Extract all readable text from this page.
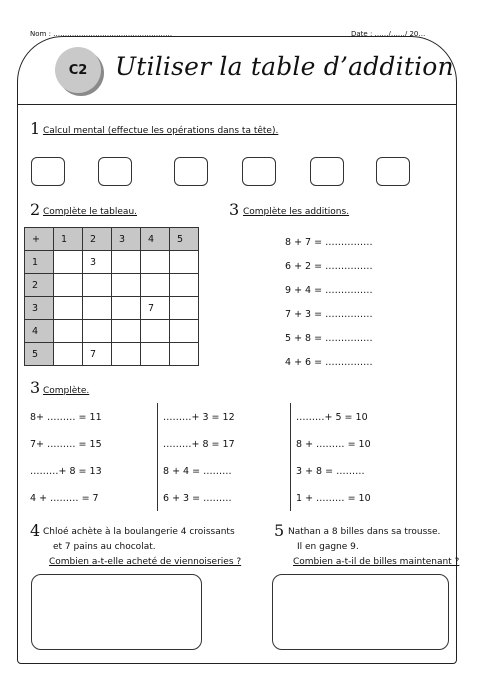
Nom : ……………………………………………	Date : ……/……/ 20…
C2 Utiliser la table d’addition
1 Calcul mental (effectue les opérations dans ta tête).
2 Complète le tableau.
+	1	2	3	4	5
1		3			
2					
3				7	
4					
5		7			
3 Complète les additions.
8 + 7 = ……………
6 + 2 = ……………
9 + 4 = ……………
7 + 3 = ……………
5 + 8 = ……………
4 + 6 = ……………
3 Complète.
8+ ……… = 11
7+ ……… = 15
………+ 8 = 13
4 + ……… = 7
………+ 3 = 12
………+ 8 = 17
8 + 4 = ………
6 + 3 = ………
………+ 5 = 10
8 + ……… = 10
3 + 8 = ………
1 + ……… = 10
4 Chloé achète à la boulangerie 4 croissants
et 7 pains au chocolat.
Combien a-t-elle acheté de viennoiseries ?
5 Nathan a 8 billes dans sa trousse.
Il en gagne 9.
Combien a-t-il de billes maintenant ?
